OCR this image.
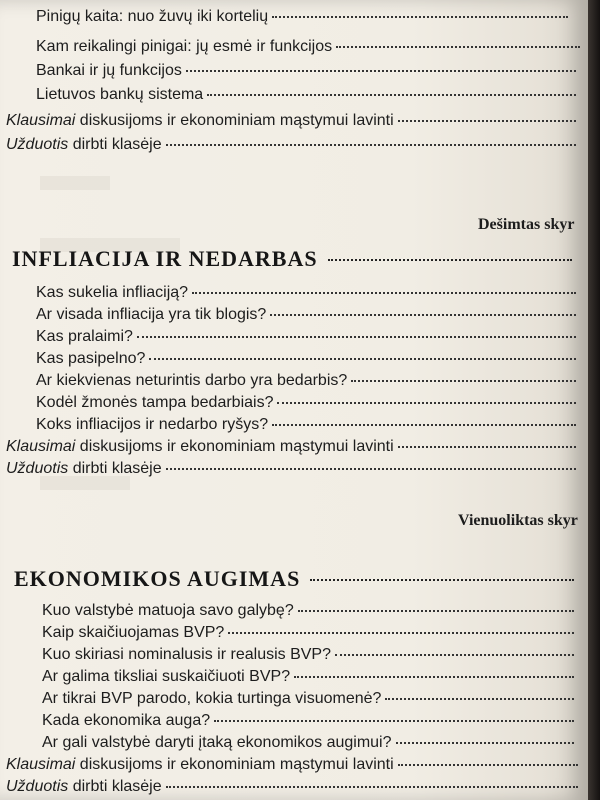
Pinigų kaita: nuo žuvų iki kortelių
Kam reikalingi pinigai: jų esmė ir funkcijos
Bankai ir jų funkcijos
Lietuvos bankų sistema
Klausimai diskusijoms ir ekonominiam mąstymui lavinti
Užduotis dirbti klasėje
Dešimtas skyr
INFLIACIJA IR NEDARBAS
Kas sukelia infliaciją?
Ar visada infliacija yra tik blogis?
Kas pralaimi?
Kas pasipelno?
Ar kiekvienas neturintis darbo yra bedarbis?
Kodėl žmonės tampa bedarbiais?
Koks infliacijos ir nedarbo ryšys?
Klausimai diskusijoms ir ekonominiam mąstymui lavinti
Užduotis dirbti klasėje
Vienuoliktas skyr
EKONOMIKOS AUGIMAS
Kuo valstybė matuoja savo galybę?
Kaip skaičiuojamas BVP?
Kuo skiriasi nominalusis ir realusis BVP?
Ar galima tiksliai suskaičiuoti BVP?
Ar tikrai BVP parodo, kokia turtinga visuomenė?
Kada ekonomika auga?
Ar gali valstybė daryti įtaką ekonomikos augimui?
Klausimai diskusijoms ir ekonominiam mąstymui lavinti
Užduotis dirbti klasėje
